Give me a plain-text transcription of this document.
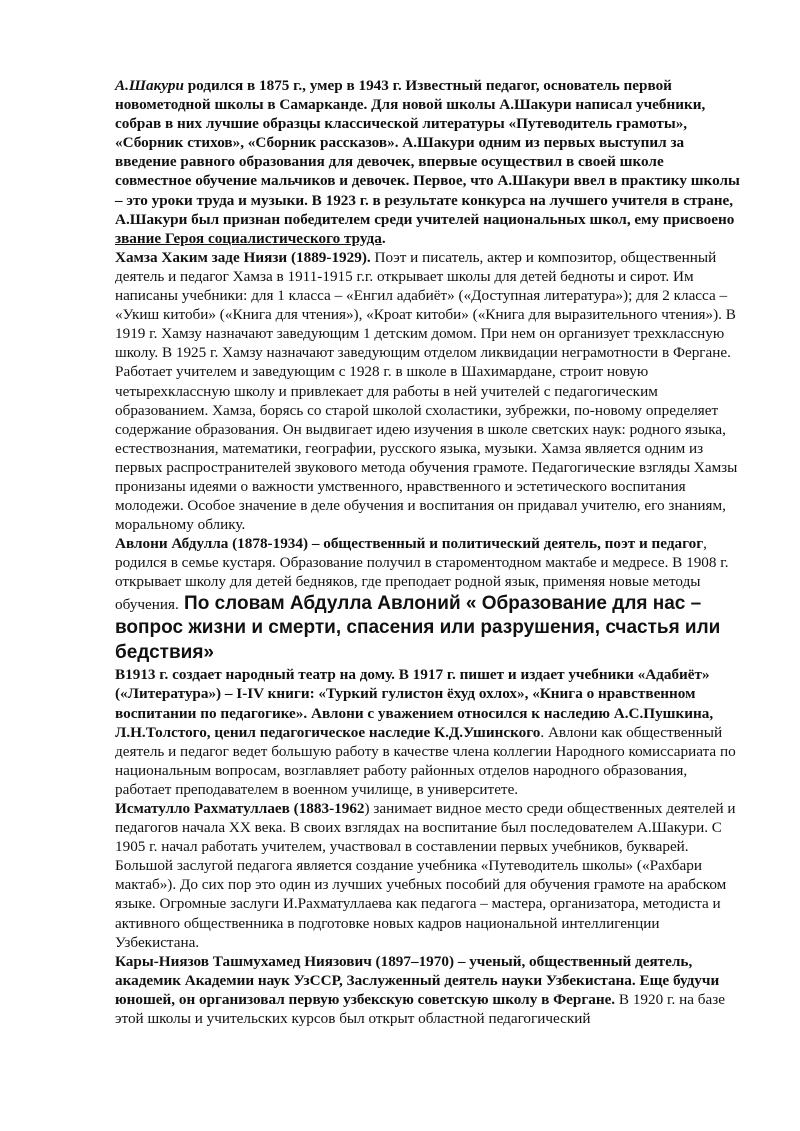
А.Шакури родился в 1875 г., умер в 1943 г. Известный педагог, основатель первой новометодной школы в Самарканде. Для новой школы А.Шакури написал учебники, собрав в них лучшие образцы классической литературы «Путеводитель грамоты», «Сборник стихов», «Сборник рассказов». А.Шакури одним из первых выступил за введение равного образования для девочек, впервые осуществил в своей школе совместное обучение мальчиков и девочек. Первое, что А.Шакури ввел в практику школы – это уроки труда и музыки. В 1923 г. в результате конкурса на лучшего учителя в стране, А.Шакури был признан победителем среди учителей национальных школ, ему присвоено звание Героя социалистического труда.

Хамза Хаким заде Ниязи (1889-1929). Поэт и писатель, актер и композитор, общественный деятель и педагог Хамза в 1911-1915 г.г. открывает школы для детей бедноты и сирот. Им написаны учебники: для 1 класса – «Енгил адабиёт» («Доступная литература»); для 2 класса – «Укиш китоби» («Книга для чтения»), «Кроат китоби» («Книга для выразительного чтения»). В 1919 г. Хамзу назначают заведующим 1 детским домом. При нем он организует трехклассную школу. В 1925 г. Хамзу назначают заведующим отделом ликвидации неграмотности в Фергане. Работает учителем и заведующим с 1928 г. в школе в Шахимардане, строит новую четырехклассную школу и привлекает для работы в ней учителей с педагогическим образованием. Хамза, борясь со старой школой схоластики, зубрежки, по-новому определяет содержание образования. Он выдвигает идею изучения в школе светских наук: родного языка, естествознания, математики, географии, русского языка, музыки. Хамза является одним из первых распространителей звукового метода обучения грамоте. Педагогические взгляды Хамзы пронизаны идеями о важности умственного, нравственного и эстетического воспитания молодежи. Особое значение в деле обучения и воспитания он придавал учителю, его знаниям, моральному облику.

Авлони Абдулла (1878-1934) – общественный и политический деятель, поэт и педагог, родился в семье кустаря. Образование получил в староментодном мактабе и медресе. В 1908 г. открывает школу для детей бедняков, где преподает родной язык, применяя новые методы обучения. По словам Абдулла Авлоний « Образование для нас – вопрос жизни и смерти, спасения или разрушения, счастья или бедствия»

В1913 г. создает народный театр на дому. В 1917 г. пишет и издает учебники «Адабиёт» («Литература») – I-IV книги: «Туркий гулистон ёхуд охлох», «Книга о нравственном воспитании по педагогике». Авлони с уважением относился к наследию А.С.Пушкина, Л.Н.Толстого, ценил педагогическое наследие К.Д.Ушинского. Авлони как общественный деятель и педагог ведет большую работу в качестве члена коллегии Народного комиссариата по национальным вопросам, возглавляет работу районных отделов народного образования, работает преподавателем в военном училище, в университете.

Исматулло Рахматуллаев (1883-1962) занимает видное место среди общественных деятелей и педагогов начала XX века. В своих взглядах на воспитание был последователем А.Шакури. С 1905 г. начал работать учителем, участвовал в составлении первых учебников, букварей. Большой заслугой педагога является создание учебника «Путеводитель школы» («Рахбари мактаб»). До сих пор это один из лучших учебных пособий для обучения грамоте на арабском языке. Огромные заслуги И.Рахматуллаева как педагога – мастера, организатора, методиста и активного общественника в подготовке новых кадров национальной интеллигенции Узбекистана.

Кары-Ниязов Ташмухамед Ниязович (1897–1970) – ученый, общественный деятель, академик Академии наук УзССР, Заслуженный деятель науки Узбекистана. Еще будучи юношей, он организовал первую узбекскую советскую школу в Фергане. В 1920 г. на базе этой школы и учительских курсов был открыт областной педагогический
